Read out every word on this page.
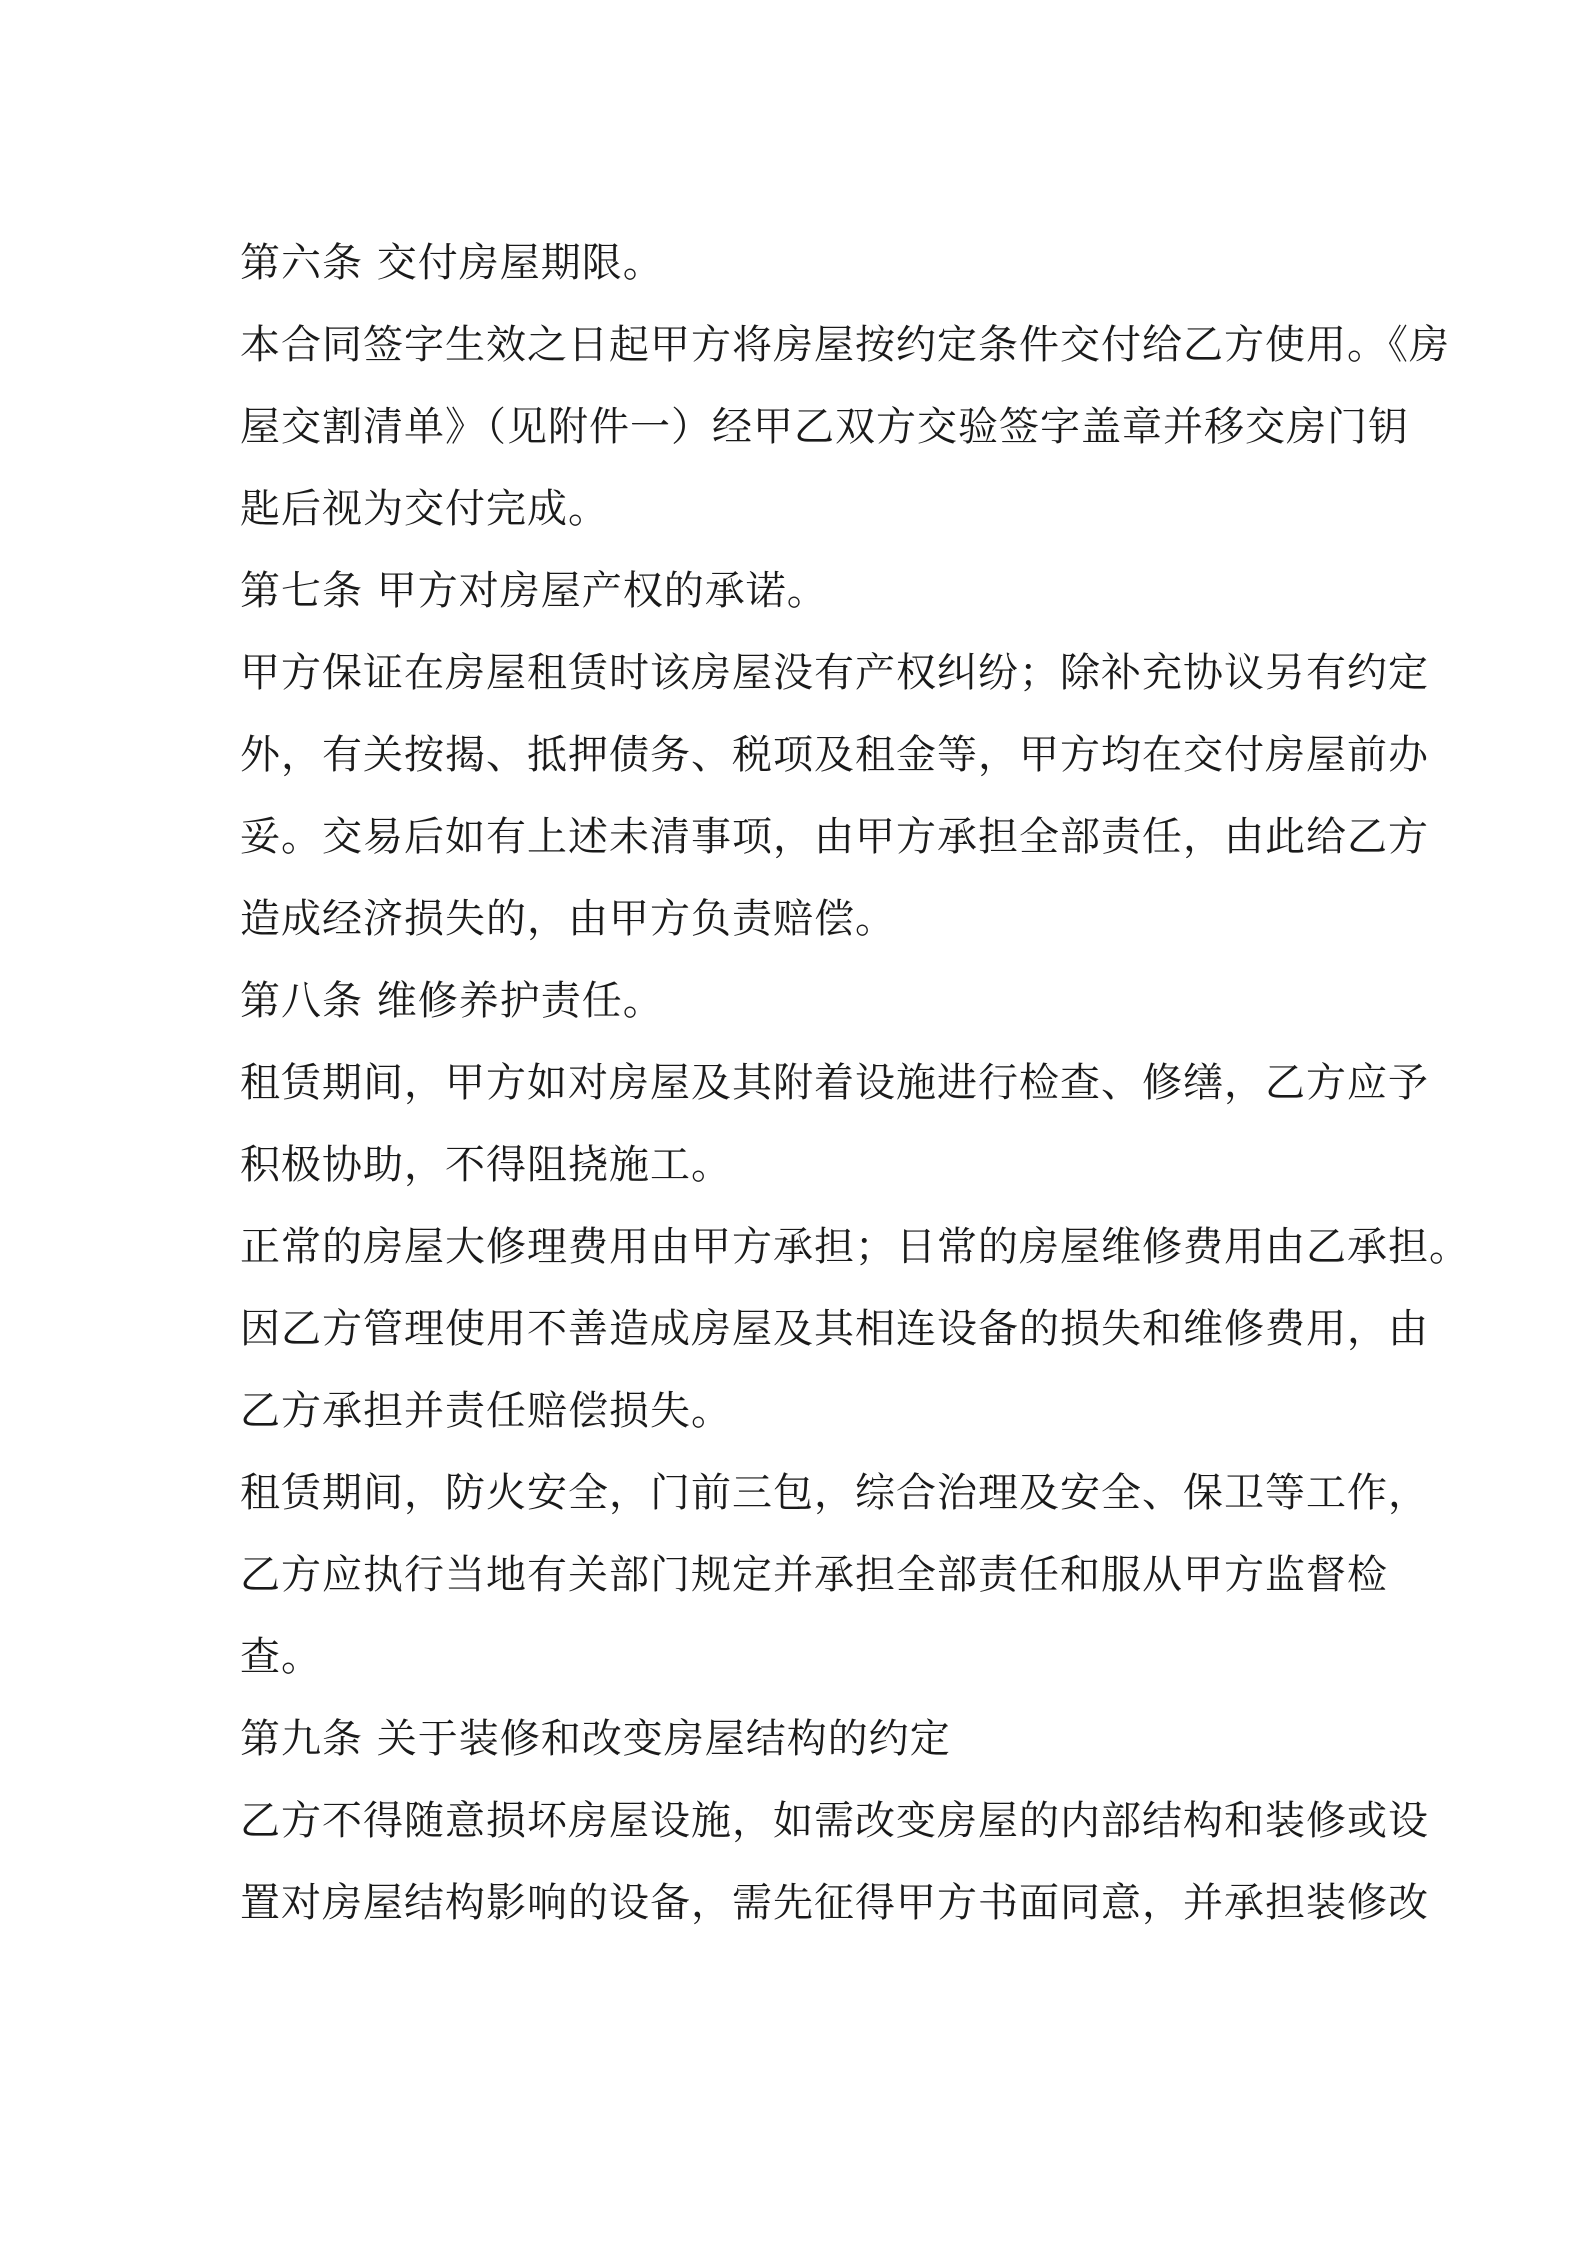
第六条 交付房屋期限。
本合同签字生效之日起甲方将房屋按约定条件交付给乙方使用。《房
屋交割清单》（见附件一）经甲乙双方交验签字盖章并移交房门钥
匙后视为交付完成。
第七条 甲方对房屋产权的承诺。
甲方保证在房屋租赁时该房屋没有产权纠纷；除补充协议另有约定
外，有关按揭、抵押债务、税项及租金等，甲方均在交付房屋前办
妥。交易后如有上述未清事项，由甲方承担全部责任，由此给乙方
造成经济损失的，由甲方负责赔偿。
第八条 维修养护责任。
租赁期间，甲方如对房屋及其附着设施进行检查、修缮，乙方应予
积极协助，不得阻挠施工。
正常的房屋大修理费用由甲方承担；日常的房屋维修费用由乙承担。
因乙方管理使用不善造成房屋及其相连设备的损失和维修费用，由
乙方承担并责任赔偿损失。
租赁期间，防火安全，门前三包，综合治理及安全、保卫等工作，
乙方应执行当地有关部门规定并承担全部责任和服从甲方监督检
查。
第九条 关于装修和改变房屋结构的约定
乙方不得随意损坏房屋设施，如需改变房屋的内部结构和装修或设
置对房屋结构影响的设备，需先征得甲方书面同意，并承担装修改
